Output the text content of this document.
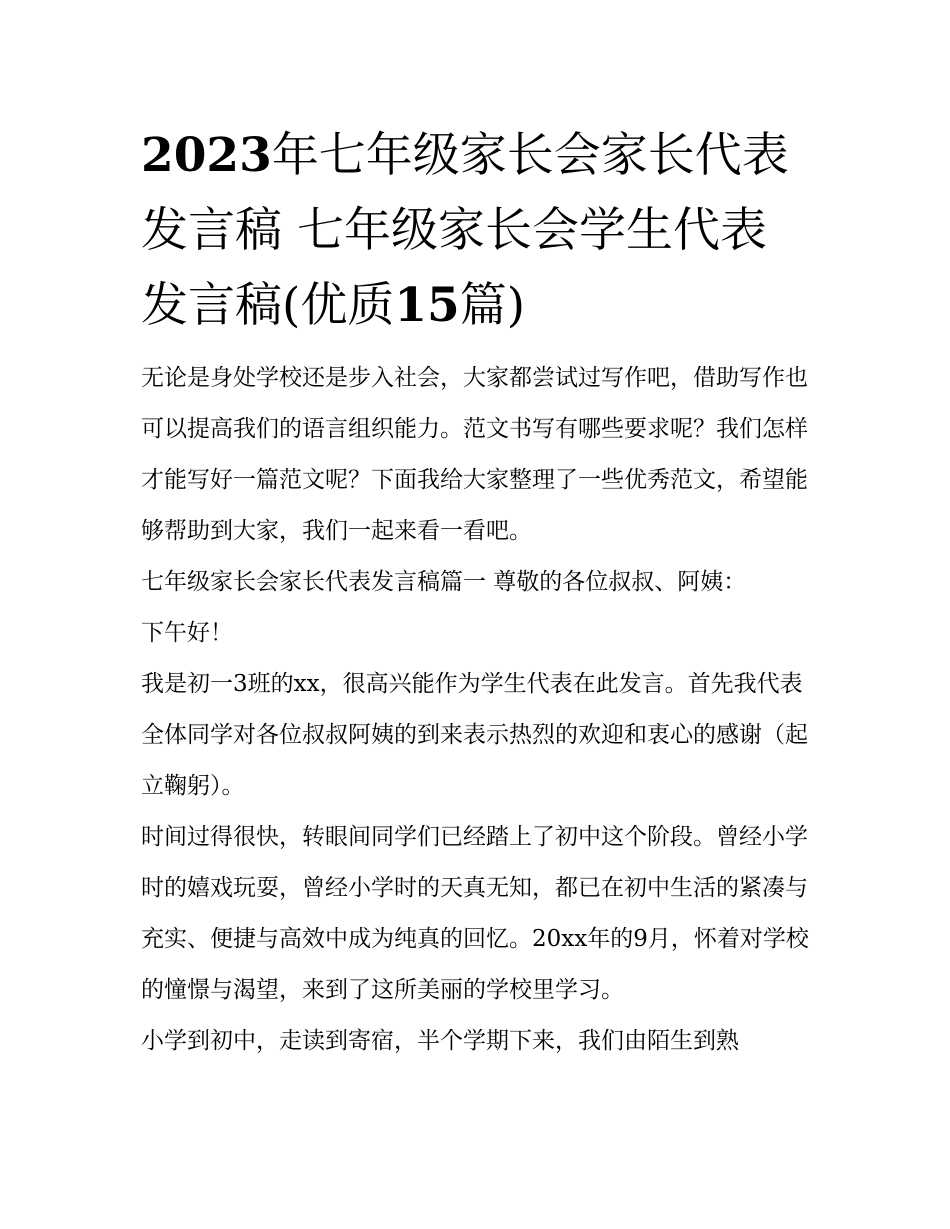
2023年七年级家长会家长代表发言稿 七年级家长会学生代表发言稿(优质15篇)

无论是身处学校还是步入社会，大家都尝试过写作吧，借助写作也可以提高我们的语言组织能力。范文书写有哪些要求呢？我们怎样才能写好一篇范文呢？下面我给大家整理了一些优秀范文，希望能够帮助到大家，我们一起来看一看吧。

七年级家长会家长代表发言稿篇一 尊敬的各位叔叔、阿姨：

下午好！

我是初一3班的xx，很高兴能作为学生代表在此发言。首先我代表全体同学对各位叔叔阿姨的到来表示热烈的欢迎和衷心的感谢（起立鞠躬）。

时间过得很快，转眼间同学们已经踏上了初中这个阶段。曾经小学时的嬉戏玩耍，曾经小学时的天真无知，都已在初中生活的紧凑与充实、便捷与高效中成为纯真的回忆。20xx年的9月，怀着对学校的憧憬与渴望，来到了这所美丽的学校里学习。

小学到初中，走读到寄宿，半个学期下来，我们由陌生到熟
